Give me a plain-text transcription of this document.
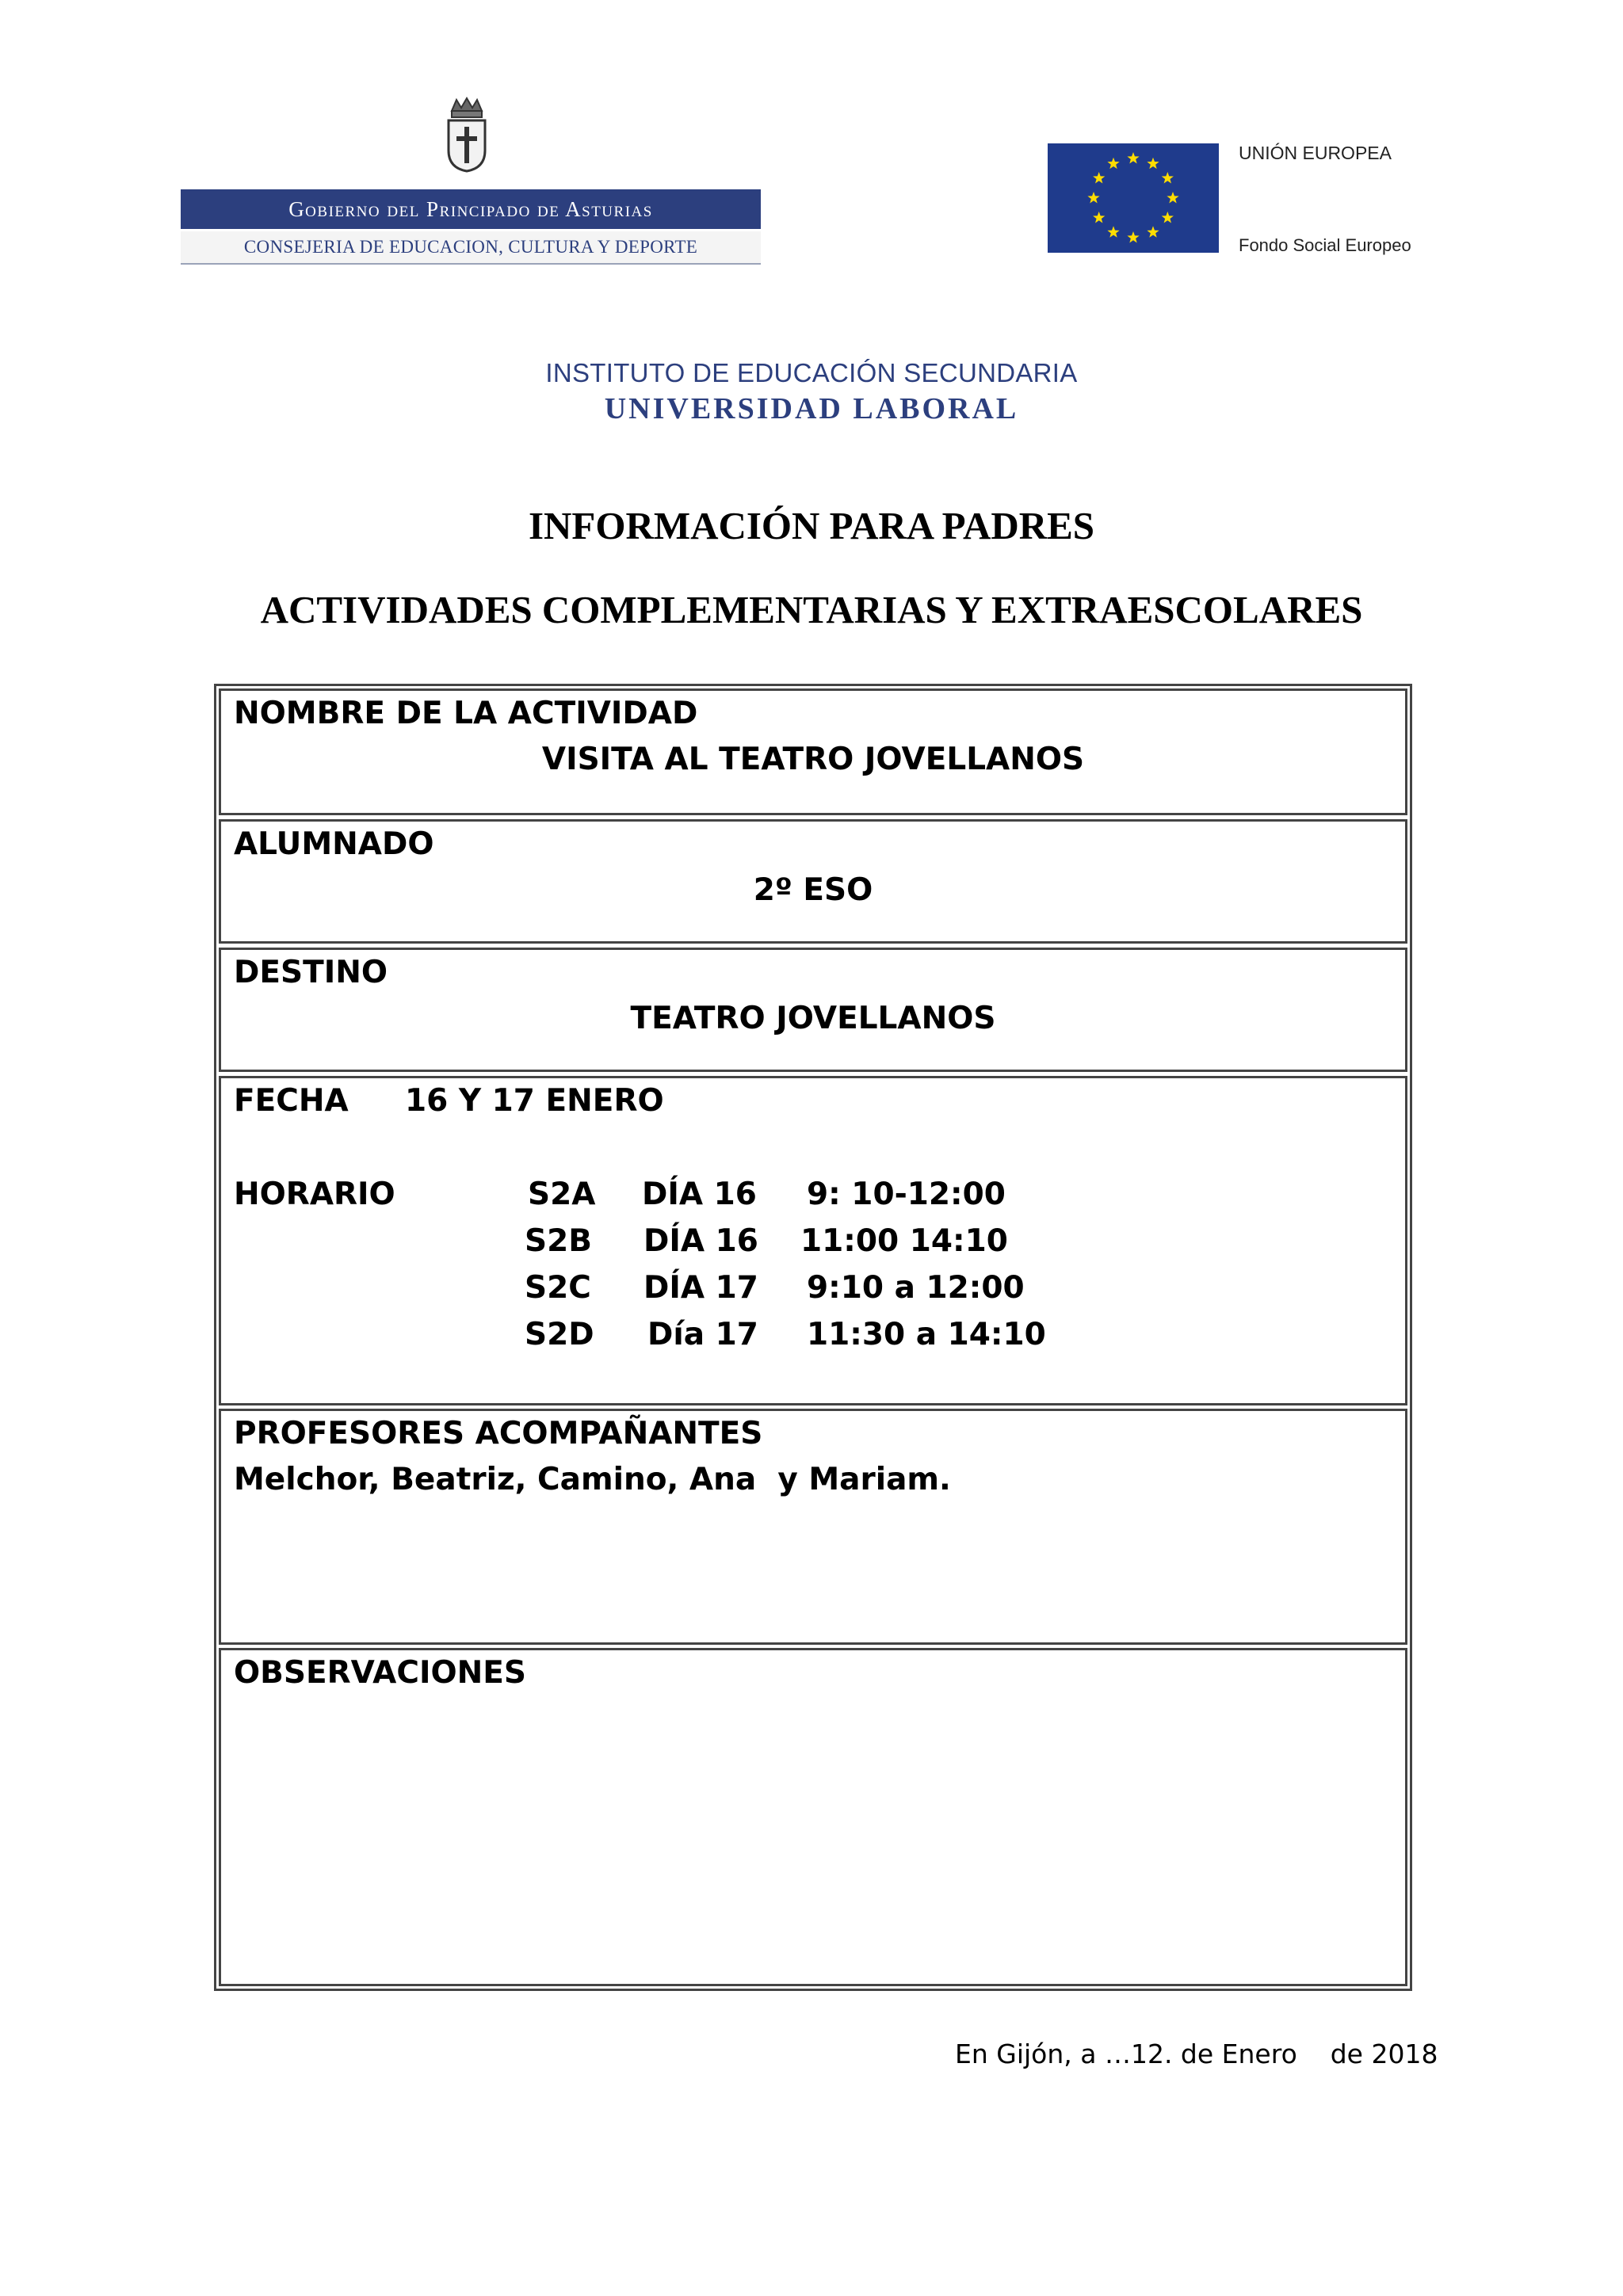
Gobierno del Principado de Asturias
CONSEJERIA DE EDUCACION, CULTURA Y DEPORTE
UNIÓN EUROPEA
Fondo Social Europeo
INSTITUTO DE EDUCACIÓN SECUNDARIA
UNIVERSIDAD LABORAL
INFORMACIÓN PARA PADRES
ACTIVIDADES COMPLEMENTARIAS Y EXTRAESCOLARES
NOMBRE DE LA ACTIVIDAD
VISITA AL TEATRO JOVELLANOS
ALUMNADO
2º ESO
DESTINO
TEATRO JOVELLANOS
FECHA 16 Y 17 ENERO
HORARIO	S2A DÍA 16 9: 10-12:00
S2B DÍA 16 11:00 14:10
S2C DÍA 17 9:10 a 12:00
S2D Día 17 11:30 a 14:10
PROFESORES ACOMPAÑANTES
Melchor, Beatriz, Camino, Ana  y Mariam.
OBSERVACIONES
En Gijón, a …12. de Enero    de 2018
